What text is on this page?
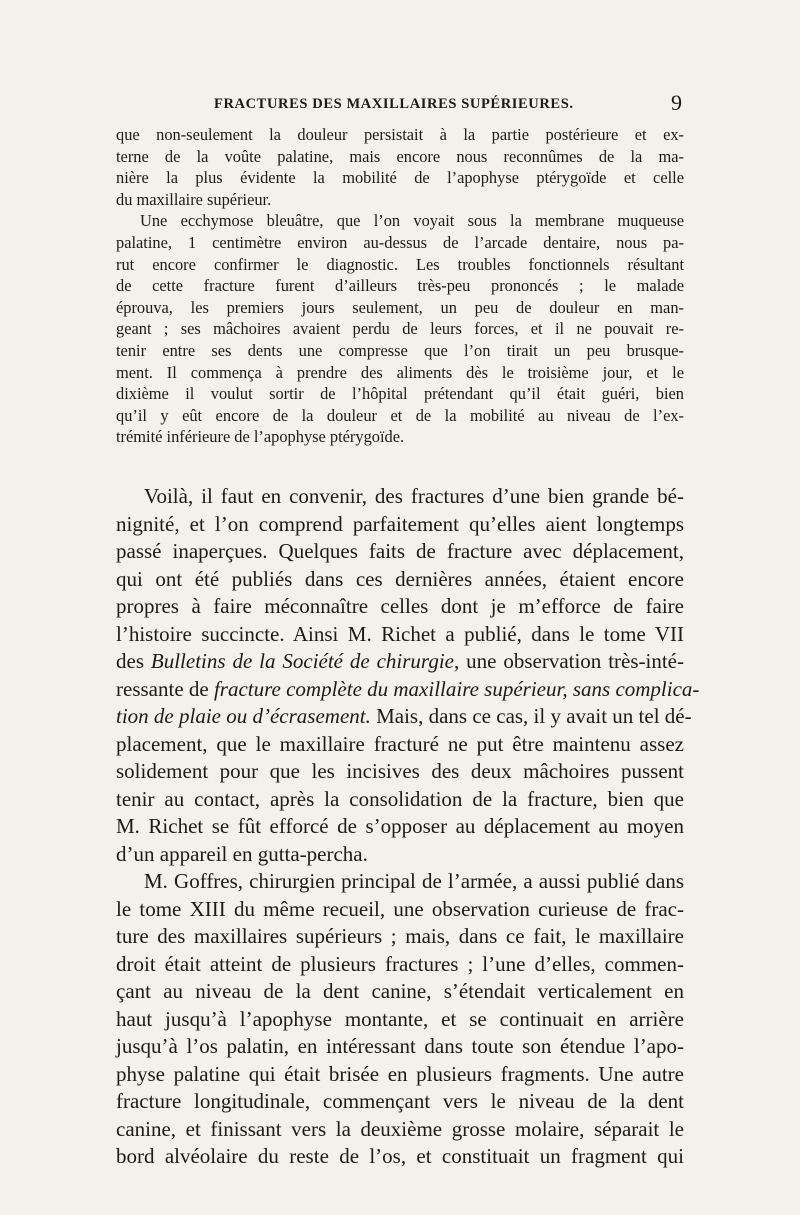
FRACTURES DES MAXILLAIRES SUPÉRIEURES.	9

que non-seulement la douleur persistait à la partie postérieure et ex-
terne de la voûte palatine, mais encore nous reconnûmes de la ma-
nière la plus évidente la mobilité de l’apophyse ptérygoïde et celle
du maxillaire supérieur.

Une ecchymose bleuâtre, que l’on voyait sous la membrane muqueuse
palatine, 1 centimètre environ au-dessus de l’arcade dentaire, nous pa-
rut encore confirmer le diagnostic. Les troubles fonctionnels résultant
de cette fracture furent d’ailleurs très-peu prononcés ; le malade
éprouva, les premiers jours seulement, un peu de douleur en man-
geant ; ses mâchoires avaient perdu de leurs forces, et il ne pouvait re-
tenir entre ses dents une compresse que l’on tirait un peu brusque-
ment. Il commença à prendre des aliments dès le troisième jour, et le
dixième il voulut sortir de l’hôpital prétendant qu’il était guéri, bien
qu’il y eût encore de la douleur et de la mobilité au niveau de l’ex-
trémité inférieure de l’apophyse ptérygoïde.

Voilà, il faut en convenir, des fractures d’une bien grande bé-
nignité, et l’on comprend parfaitement qu’elles aient longtemps
passé inaperçues. Quelques faits de fracture avec déplacement,
qui ont été publiés dans ces dernières années, étaient encore
propres à faire méconnaître celles dont je m’efforce de faire
l’histoire succincte. Ainsi M. Richet a publié, dans le tome VII
des Bulletins de la Société de chirurgie, une observation très-inté-
ressante de fracture complète du maxillaire supérieur, sans complica-
tion de plaie ou d’écrasement. Mais, dans ce cas, il y avait un tel dé-
placement, que le maxillaire fracturé ne put être maintenu assez
solidement pour que les incisives des deux mâchoires pussent
tenir au contact, après la consolidation de la fracture, bien que
M. Richet se fût efforcé de s’opposer au déplacement au moyen
d’un appareil en gutta-percha.

M. Goffres, chirurgien principal de l’armée, a aussi publié dans
le tome XIII du même recueil, une observation curieuse de frac-
ture des maxillaires supérieurs ; mais, dans ce fait, le maxillaire
droit était atteint de plusieurs fractures ; l’une d’elles, commen-
çant au niveau de la dent canine, s’étendait verticalement en
haut jusqu’à l’apophyse montante, et se continuait en arrière
jusqu’à l’os palatin, en intéressant dans toute son étendue l’apo-
physe palatine qui était brisée en plusieurs fragments. Une autre
fracture longitudinale, commençant vers le niveau de la dent
canine, et finissant vers la deuxième grosse molaire, séparait le
bord alvéolaire du reste de l’os, et constituait un fragment qui
